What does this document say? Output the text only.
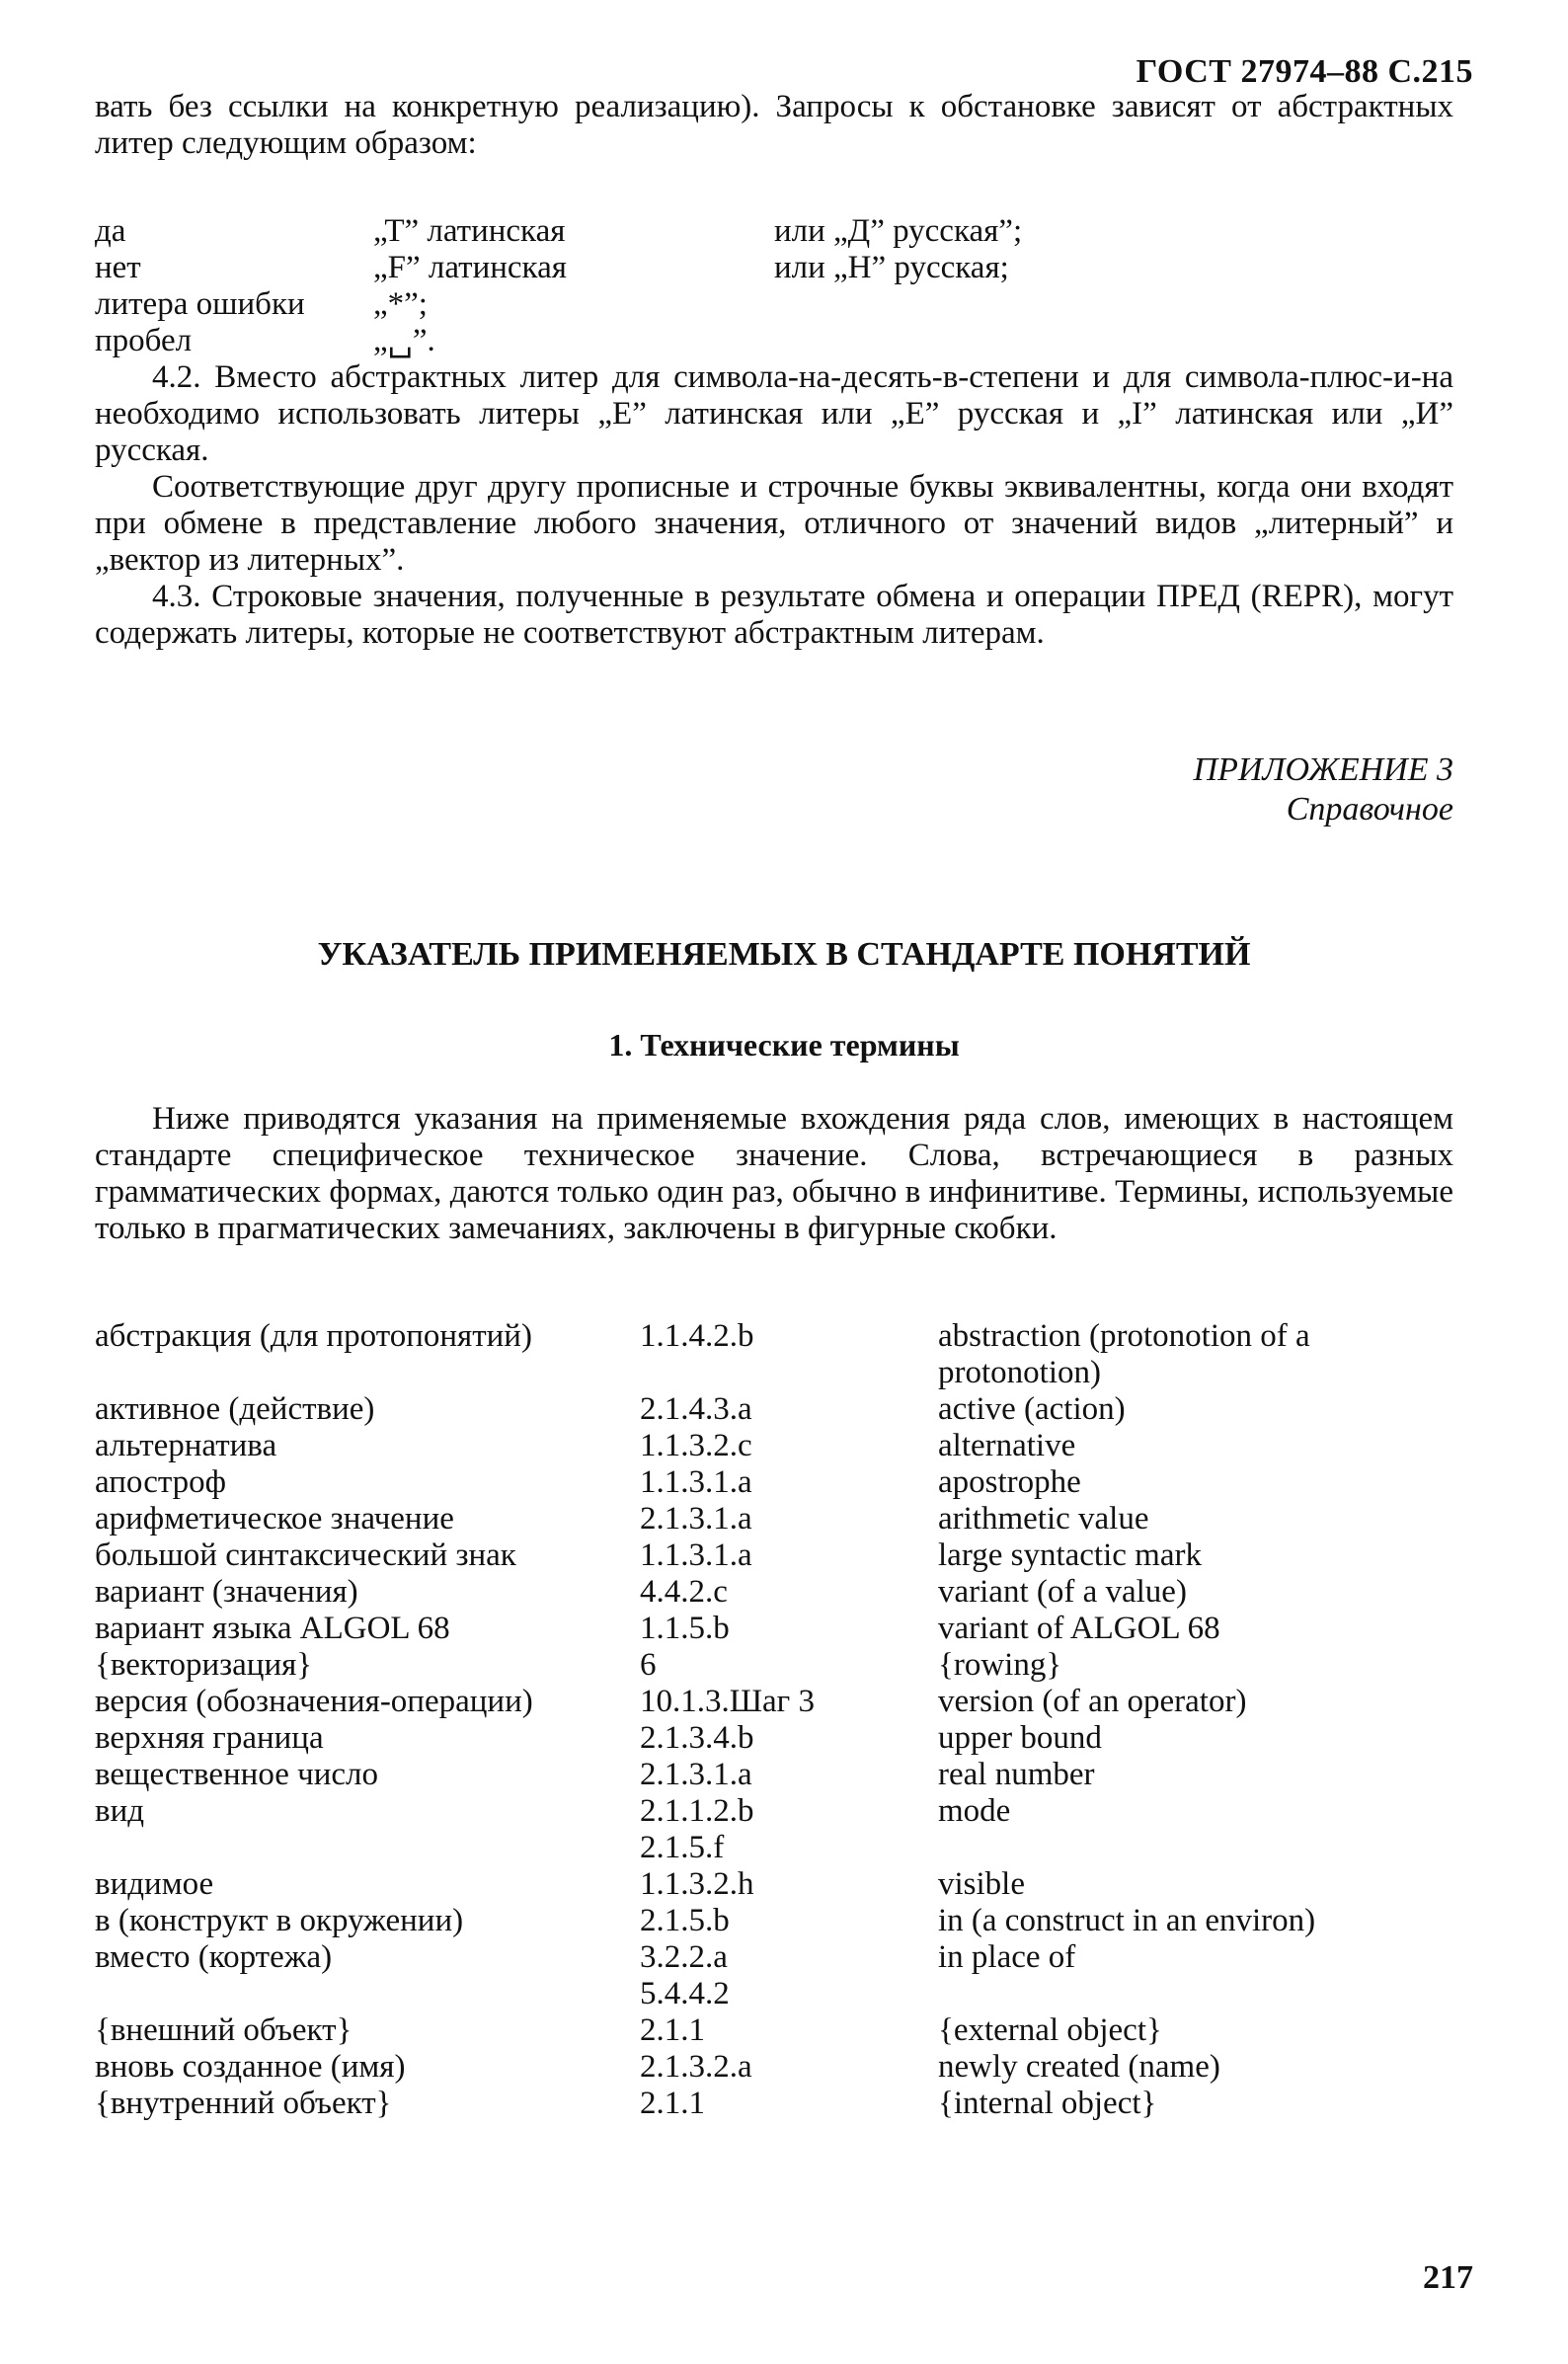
ГОСТ 27974–88 С.215

вать без ссылки на конкретную реализацию). Запросы к обстановке зависят от абстрактных литер следующим образом:

да	„Т” латинская	или „Д” русская”;
нет	„F” латинская	или „Н” русская;
литера ошибки „*”;
пробел	„␣”.

4.2. Вместо абстрактных литер для символа-на-десять-в-степени и для символа-плюс-и-на необходимо использовать литеры „Е” латинская или „Е” русская и „I” латинская или „И” русская.

Соответствующие друг другу прописные и строчные буквы эквивалентны, когда они входят при обмене в представление любого значения, отличного от значений видов „литерный” и „вектор из литерных”.

4.3. Строковые значения, полученные в результате обмена и операции ПРЕД (REPR), могут содержать литеры, которые не соответствуют абстрактным литерам.

ПРИЛОЖЕНИЕ 3
Справочное
УКАЗАТЕЛЬ ПРИМЕНЯЕМЫХ В СТАНДАРТЕ ПОНЯТИЙ
1. Технические термины

Ниже приводятся указания на применяемые вхождения ряда слов, имеющих в настоящем стандарте специфическое техническое значение. Слова, встречающиеся в разных грамматических формах, даются только один раз, обычно в инфинитиве. Термины, используемые только в прагматических замечаниях, заключены в фигурные скобки.

абстракция (для протопонятий)	1.1.4.2.b	abstraction (protonotion of a protonotion)
активное (действие)	2.1.4.3.a	active (action)
альтернатива	1.1.3.2.c	alternative
апостроф	1.1.3.1.a	apostrophe
арифметическое значение	2.1.3.1.a	arithmetic value
большой синтаксический знак	1.1.3.1.a	large syntactic mark
вариант (значения)	4.4.2.c	variant (of a value)
вариант языка ALGOL 68	1.1.5.b	variant of ALGOL 68
{векторизация}	6	{rowing}
версия (обозначения-операции)	10.1.3.Шаг 3	version (of an operator)
верхняя граница	2.1.3.4.b	upper bound
вещественное число	2.1.3.1.a	real number
вид	2.1.1.2.b	mode
2.1.5.f
видимое	1.1.3.2.h	visible
в (конструкт в окружении)	2.1.5.b	in (a construct in an environ)
вместо (кортежа)	3.2.2.a	in place of
5.4.4.2
{внешний объект}	2.1.1	{external object}
вновь созданное (имя)	2.1.3.2.a	newly created (name)
{внутренний объект}	2.1.1	{internal object}
217
